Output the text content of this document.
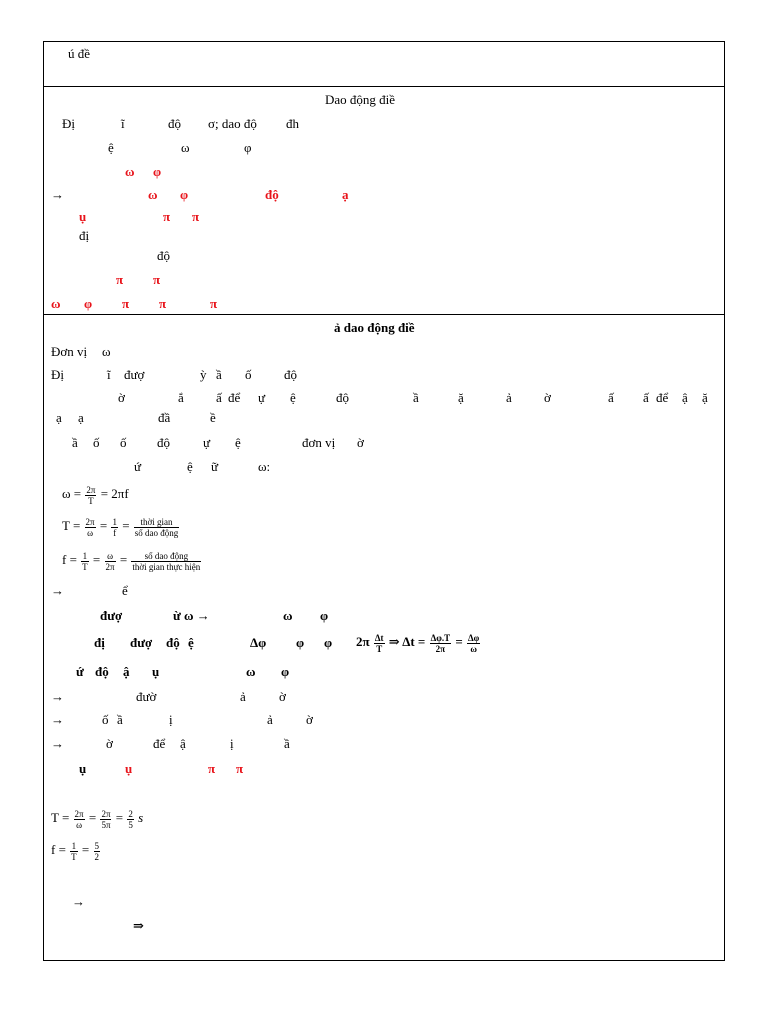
ú đề
Dao động điề
Đị	ĩ	độ σ; dao độ đh
ệ	ω	φ
ω φ
→	ω φ	độ	ạ
ụ	π π
đị
độ
π π
ω φ π π	π
ả dao động điề
Đơn vị ω
Đị	ĩ đượ	ỳ ầ ố	độ
ờ	ắ ấ để ự ệ	độ	ầ	ặ	ả ờ	ấ ấ để ậ ặ
ạ ạ	đầ	ề
ầ ố ố độ	ự ệ	đơn vị ờ
ứ	ệ ữ	ω:
$\omega = \frac{2\pi}{T} = 2\pi f$
$T = \frac{2\pi}{\omega} = \frac{1}{f} = \frac{\text{thời gian}}{\text{số dao động}}$
$f = \frac{1}{T} = \frac{\omega}{2\pi} = \frac{\text{số dao động}}{\text{thời gian thực hiện}}$
→	ể
đượ	ừ ω →	ω φ
đị đượ độ ệ	Δφ φ φ $2\pi \frac{\Delta t}{T}$ ⇒ $\Delta t = \frac{\Delta\varphi.T}{2\pi} = \frac{\Delta\varphi}{\omega}$
ứ độ ậ ụ	ω φ
→	đườ	ả	ờ
→	ố ầ	ị	ả	ờ
→	ờ	để ậ	ị	ầ
ụ	ụ	π π
$T = \frac{2\pi}{\omega} = \frac{2\pi}{5\pi} = \frac{2}{5}$ s
$f = \frac{1}{T} = \frac{5}{2}$
→
⇒
